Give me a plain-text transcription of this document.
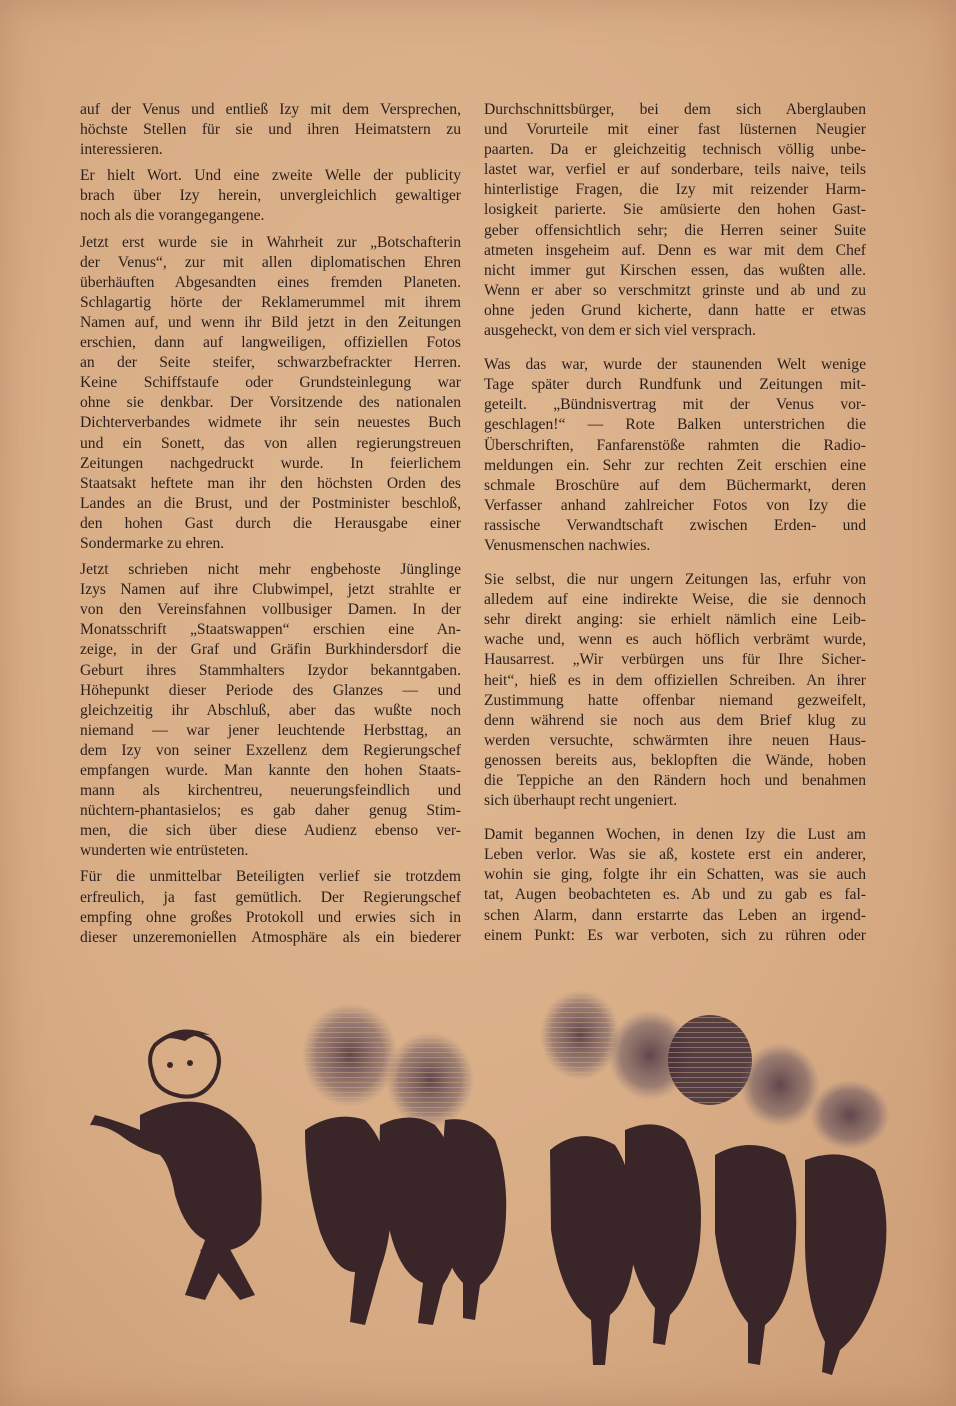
auf der Venus und entließ Izy mit dem Versprechen,
höchste Stellen für sie und ihren Heimatstern zu
interessieren.
Er hielt Wort. Und eine zweite Welle der publicity
brach über Izy herein, unvergleichlich gewaltiger
noch als die vorangegangene.
Jetzt erst wurde sie in Wahrheit zur „Botschafterin
der Venus“, zur mit allen diplomatischen Ehren
überhäuften Abgesandten eines fremden Planeten.
Schlagartig hörte der Reklamerummel mit ihrem
Namen auf, und wenn ihr Bild jetzt in den Zeitungen
erschien, dann auf langweiligen, offiziellen Fotos
an der Seite steifer, schwarzbefrackter Herren.
Keine Schiffstaufe oder Grundsteinlegung war
ohne sie denkbar. Der Vorsitzende des nationalen
Dichterverbandes widmete ihr sein neuestes Buch
und ein Sonett, das von allen regierungstreuen
Zeitungen nachgedruckt wurde. In feierlichem
Staatsakt heftete man ihr den höchsten Orden des
Landes an die Brust, und der Postminister beschloß,
den hohen Gast durch die Herausgabe einer
Sondermarke zu ehren.
Jetzt schrieben nicht mehr engbehoste Jünglinge
Izys Namen auf ihre Clubwimpel, jetzt strahlte er
von den Vereinsfahnen vollbusiger Damen. In der
Monatsschrift „Staatswappen“ erschien eine An-
zeige, in der Graf und Gräfin Burkhindersdorf die
Geburt ihres Stammhalters Izydor bekanntgaben.
Höhepunkt dieser Periode des Glanzes — und
gleichzeitig ihr Abschluß, aber das wußte noch
niemand — war jener leuchtende Herbsttag, an
dem Izy von seiner Exzellenz dem Regierungschef
empfangen wurde. Man kannte den hohen Staats-
mann als kirchentreu, neuerungsfeindlich und
nüchtern-phantasielos; es gab daher genug Stim-
men, die sich über diese Audienz ebenso ver-
wunderten wie entrüsteten.
Für die unmittelbar Beteiligten verlief sie trotzdem
erfreulich, ja fast gemütlich. Der Regierungschef
empfing ohne großes Protokoll und erwies sich in
dieser unzeremoniellen Atmosphäre als ein biederer
Durchschnittsbürger, bei dem sich Aberglauben
und Vorurteile mit einer fast lüsternen Neugier
paarten. Da er gleichzeitig technisch völlig unbe-
lastet war, verfiel er auf sonderbare, teils naive, teils
hinterlistige Fragen, die Izy mit reizender Harm-
losigkeit parierte. Sie amüsierte den hohen Gast-
geber offensichtlich sehr; die Herren seiner Suite
atmeten insgeheim auf. Denn es war mit dem Chef
nicht immer gut Kirschen essen, das wußten alle.
Wenn er aber so verschmitzt grinste und ab und zu
ohne jeden Grund kicherte, dann hatte er etwas
ausgeheckt, von dem er sich viel versprach.
Was das war, wurde der staunenden Welt wenige
Tage später durch Rundfunk und Zeitungen mit-
geteilt. „Bündnisvertrag mit der Venus vor-
geschlagen!“ — Rote Balken unterstrichen die
Überschriften, Fanfarenstöße rahmten die Radio-
meldungen ein. Sehr zur rechten Zeit erschien eine
schmale Broschüre auf dem Büchermarkt, deren
Verfasser anhand zahlreicher Fotos von Izy die
rassische Verwandtschaft zwischen Erden- und
Venusmenschen nachwies.
Sie selbst, die nur ungern Zeitungen las, erfuhr von
alledem auf eine indirekte Weise, die sie dennoch
sehr direkt anging: sie erhielt nämlich eine Leib-
wache und, wenn es auch höflich verbrämt wurde,
Hausarrest. „Wir verbürgen uns für Ihre Sicher-
heit“, hieß es in dem offiziellen Schreiben. An ihrer
Zustimmung hatte offenbar niemand gezweifelt,
denn während sie noch aus dem Brief klug zu
werden versuchte, schwärmten ihre neuen Haus-
genossen bereits aus, beklopften die Wände, hoben
die Teppiche an den Rändern hoch und benahmen
sich überhaupt recht ungeniert.
Damit begannen Wochen, in denen Izy die Lust am
Leben verlor. Was sie aß, kostete erst ein anderer,
wohin sie ging, folgte ihr ein Schatten, was sie auch
tat, Augen beobachteten es. Ab und zu gab es fal-
schen Alarm, dann erstarrte das Leben an irgend-
einem Punkt: Es war verboten, sich zu rühren oder
